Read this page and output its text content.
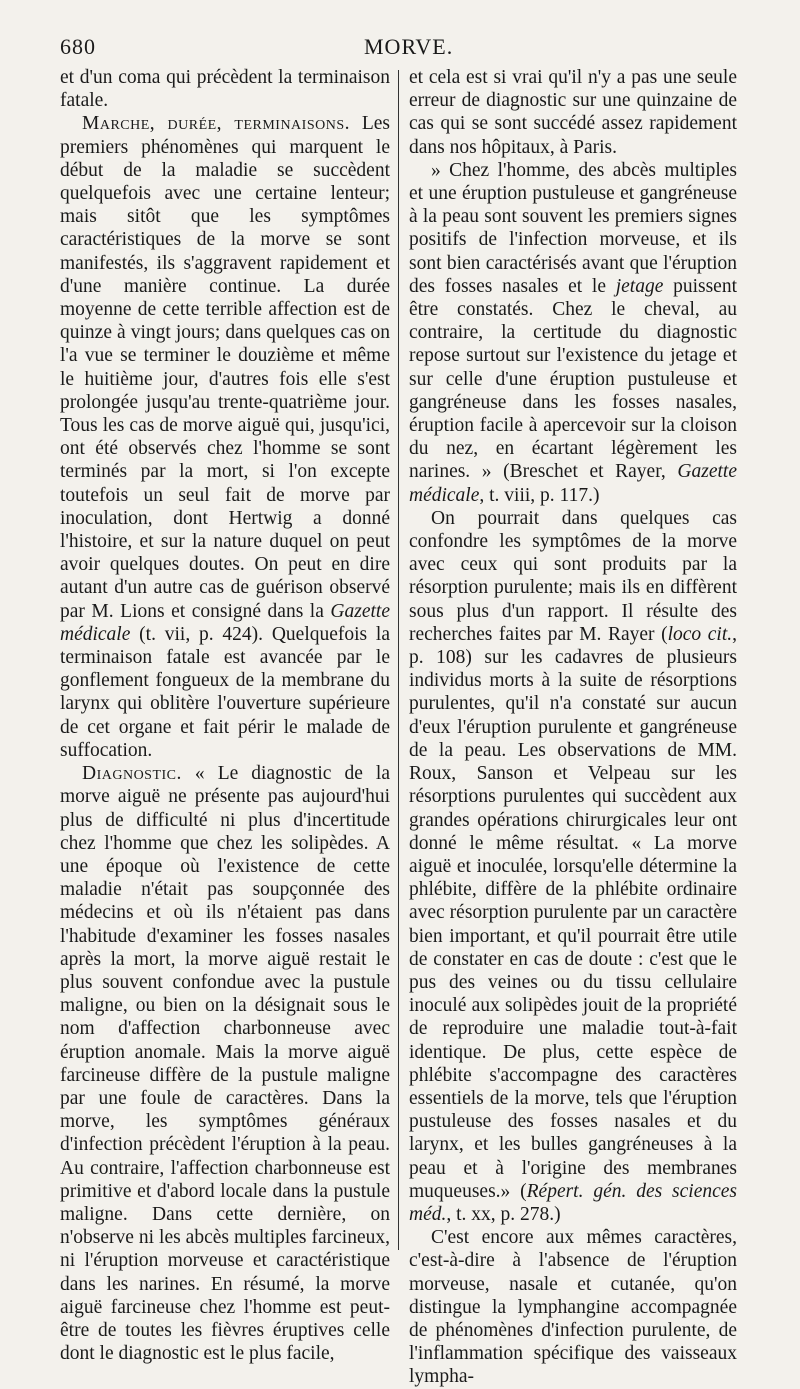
680	MORVE.

et d'un coma qui précèdent la terminaison fatale.

Marche, durée, terminaisons. Les premiers phénomènes qui marquent le début de la maladie se succèdent quelquefois avec une certaine lenteur; mais sitôt que les symptômes caractéristiques de la morve se sont manifestés, ils s'aggravent rapidement et d'une manière continue. La durée moyenne de cette terrible affection est de quinze à vingt jours; dans quelques cas on l'a vue se terminer le douzième et même le huitième jour, d'autres fois elle s'est prolongée jusqu'au trente-quatrième jour. Tous les cas de morve aiguë qui, jusqu'ici, ont été observés chez l'homme se sont terminés par la mort, si l'on excepte toutefois un seul fait de morve par inoculation, dont Hertwig a donné l'histoire, et sur la nature duquel on peut avoir quelques doutes. On peut en dire autant d'un autre cas de guérison observé par M. Lions et consigné dans la Gazette médicale (t. vii, p. 424). Quelquefois la terminaison fatale est avancée par le gonflement fongueux de la membrane du larynx qui oblitère l'ouverture supérieure de cet organe et fait périr le malade de suffocation.

Diagnostic. « Le diagnostic de la morve aiguë ne présente pas aujourd'hui plus de difficulté ni plus d'incertitude chez l'homme que chez les solipèdes. A une époque où l'existence de cette maladie n'était pas soupçonnée des médecins et où ils n'étaient pas dans l'habitude d'examiner les fosses nasales après la mort, la morve aiguë restait le plus souvent confondue avec la pustule maligne, ou bien on la désignait sous le nom d'affection charbonneuse avec éruption anomale. Mais la morve aiguë farcineuse diffère de la pustule maligne par une foule de caractères. Dans la morve, les symptômes généraux d'infection précèdent l'éruption à la peau. Au contraire, l'affection charbonneuse est primitive et d'abord locale dans la pustule maligne. Dans cette dernière, on n'observe ni les abcès multiples farcineux, ni l'éruption morveuse et caractéristique dans les narines. En résumé, la morve aiguë farcineuse chez l'homme est peut-être de toutes les fièvres éruptives celle dont le diagnostic est le plus facile,

et cela est si vrai qu'il n'y a pas une seule erreur de diagnostic sur une quinzaine de cas qui se sont succédé assez rapidement dans nos hôpitaux, à Paris.

» Chez l'homme, des abcès multiples et une éruption pustuleuse et gangréneuse à la peau sont souvent les premiers signes positifs de l'infection morveuse, et ils sont bien caractérisés avant que l'éruption des fosses nasales et le jetage puissent être constatés. Chez le cheval, au contraire, la certitude du diagnostic repose surtout sur l'existence du jetage et sur celle d'une éruption pustuleuse et gangréneuse dans les fosses nasales, éruption facile à apercevoir sur la cloison du nez, en écartant légèrement les narines. » (Breschet et Rayer, Gazette médicale, t. viii, p. 117.)

On pourrait dans quelques cas confondre les symptômes de la morve avec ceux qui sont produits par la résorption purulente; mais ils en diffèrent sous plus d'un rapport. Il résulte des recherches faites par M. Rayer (loco cit., p. 108) sur les cadavres de plusieurs individus morts à la suite de résorptions purulentes, qu'il n'a constaté sur aucun d'eux l'éruption purulente et gangréneuse de la peau. Les observations de MM. Roux, Sanson et Velpeau sur les résorptions purulentes qui succèdent aux grandes opérations chirurgicales leur ont donné le même résultat. « La morve aiguë et inoculée, lorsqu'elle détermine la phlébite, diffère de la phlébite ordinaire avec résorption purulente par un caractère bien important, et qu'il pourrait être utile de constater en cas de doute : c'est que le pus des veines ou du tissu cellulaire inoculé aux solipèdes jouit de la propriété de reproduire une maladie tout-à-fait identique. De plus, cette espèce de phlébite s'accompagne des caractères essentiels de la morve, tels que l'éruption pustuleuse des fosses nasales et du larynx, et les bulles gangréneuses à la peau et à l'origine des membranes muqueuses.» (Répert. gén. des sciences méd., t. xx, p. 278.)

C'est encore aux mêmes caractères, c'est-à-dire à l'absence de l'éruption morveuse, nasale et cutanée, qu'on distingue la lymphangine accompagnée de phénomènes d'infection purulente, de l'inflammation spécifique des vaisseaux lympha-
